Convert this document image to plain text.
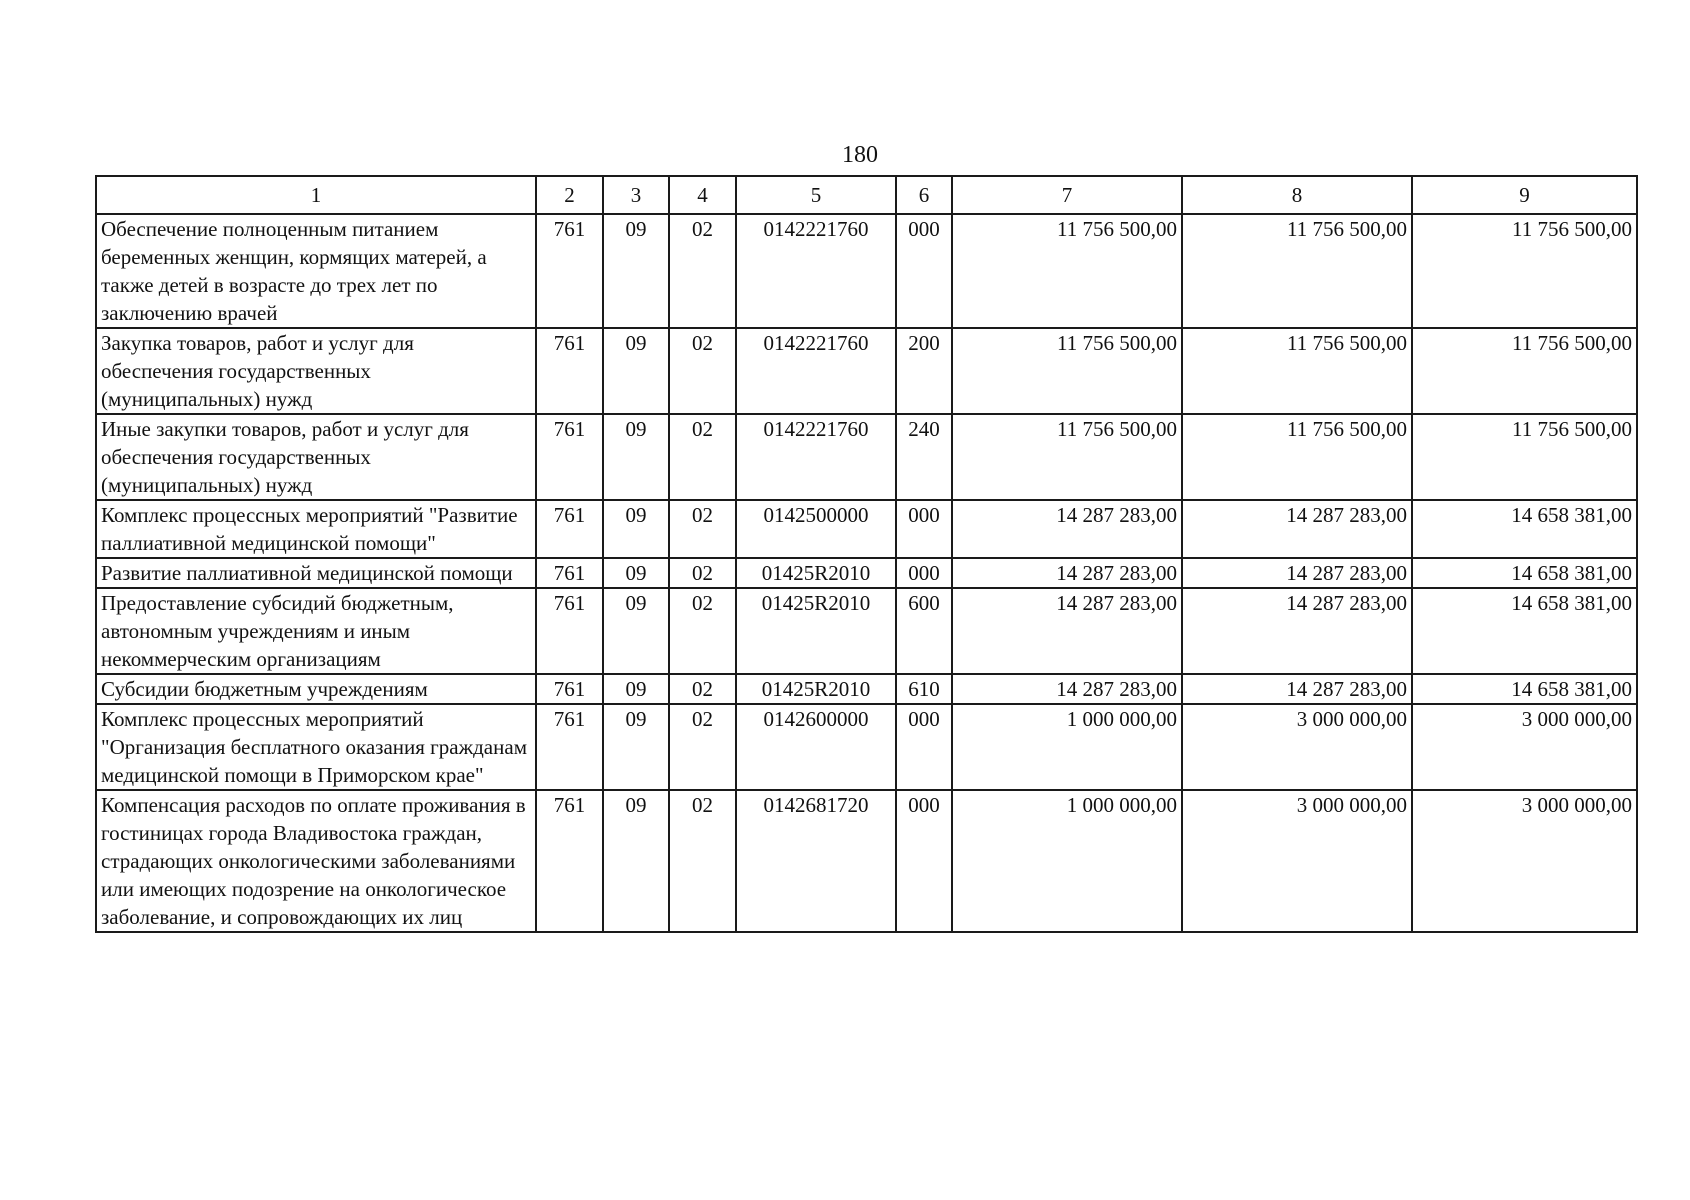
180
1	2	3	4	5	6	7	8	9
Обеспечение полноценным питанием беременных женщин, кормящих матерей, а также детей в возрасте до трех лет по заключению врачей	761	09	02	0142221760	000	11 756 500,00	11 756 500,00	11 756 500,00
Закупка товаров, работ и услуг для обеспечения государственных (муниципальных) нужд	761	09	02	0142221760	200	11 756 500,00	11 756 500,00	11 756 500,00
Иные закупки товаров, работ и услуг для обеспечения государственных (муниципальных) нужд	761	09	02	0142221760	240	11 756 500,00	11 756 500,00	11 756 500,00
Комплекс процессных мероприятий "Развитие паллиативной медицинской помощи"	761	09	02	0142500000	000	14 287 283,00	14 287 283,00	14 658 381,00
Развитие паллиативной медицинской помощи	761	09	02	01425R2010	000	14 287 283,00	14 287 283,00	14 658 381,00
Предоставление субсидий бюджетным, автономным учреждениям и иным некоммерческим организациям	761	09	02	01425R2010	600	14 287 283,00	14 287 283,00	14 658 381,00
Субсидии бюджетным учреждениям	761	09	02	01425R2010	610	14 287 283,00	14 287 283,00	14 658 381,00
Комплекс процессных мероприятий "Организация бесплатного оказания гражданам медицинской помощи в Приморском крае"	761	09	02	0142600000	000	1 000 000,00	3 000 000,00	3 000 000,00
Компенсация расходов по оплате проживания в гостиницах города Владивостока граждан, страдающих онкологическими заболеваниями или имеющих подозрение на онкологическое заболевание, и сопровождающих их лиц	761	09	02	0142681720	000	1 000 000,00	3 000 000,00	3 000 000,00
